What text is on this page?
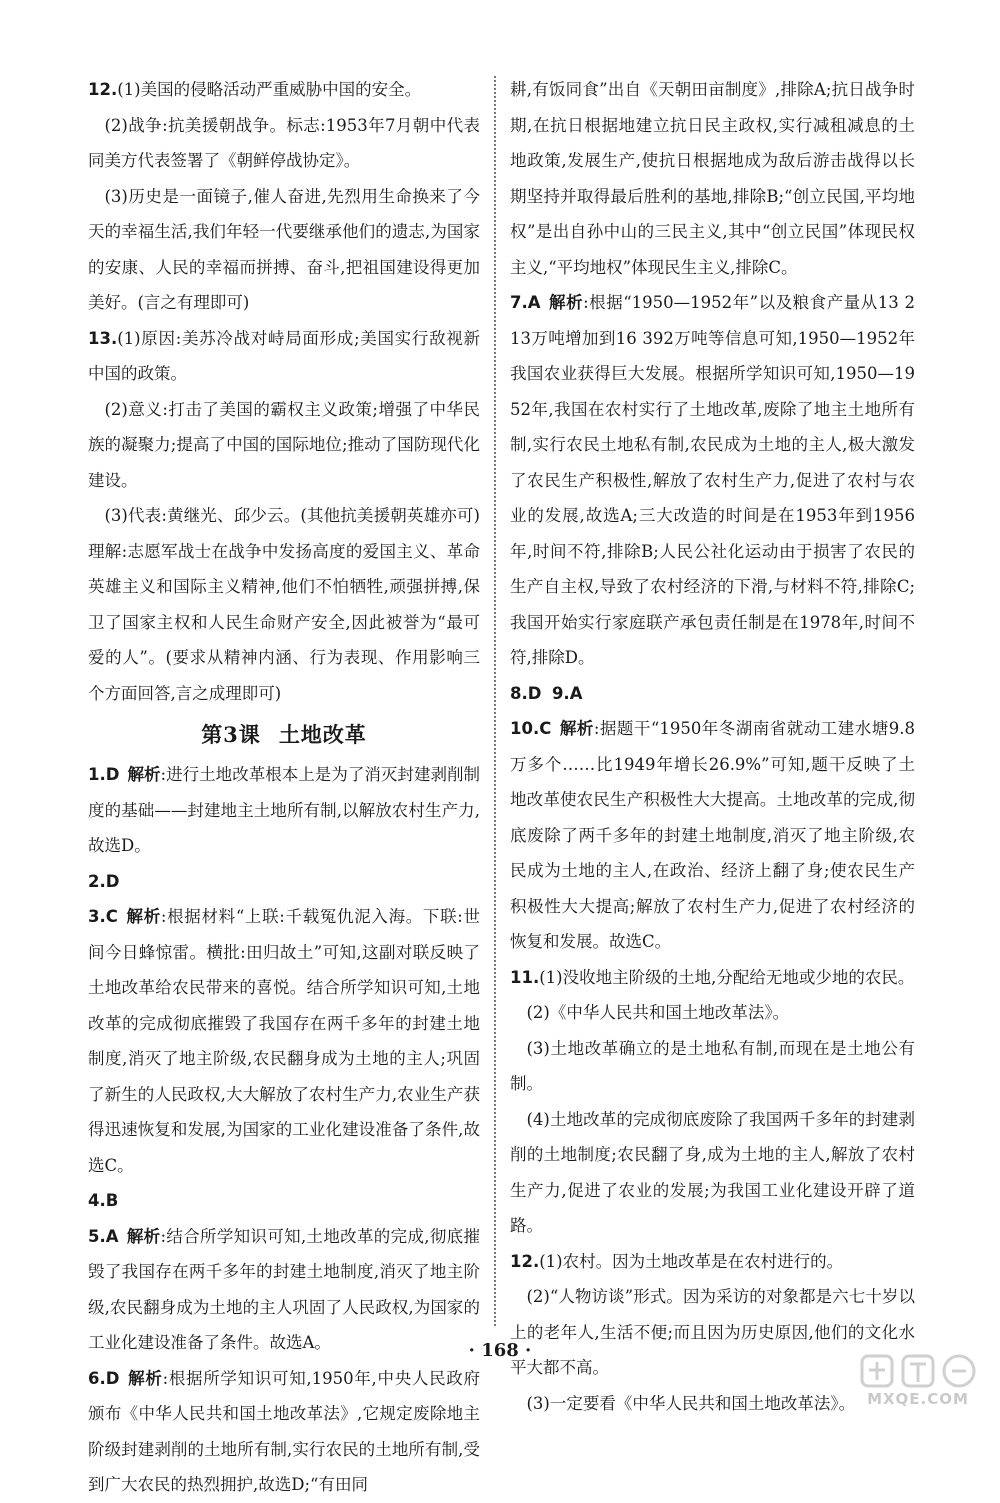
12.(1)美国的侵略活动严重威胁中国的安全。

(2)战争:抗美援朝战争。标志:1953年7月朝中代表同美方代表签署了《朝鲜停战协定》。

(3)历史是一面镜子,催人奋进,先烈用生命换来了今天的幸福生活,我们年轻一代要继承他们的遗志,为国家的安康、人民的幸福而拼搏、奋斗,把祖国建设得更加美好。(言之有理即可)

13.(1)原因:美苏冷战对峙局面形成;美国实行敌视新中国的政策。

(2)意义:打击了美国的霸权主义政策;增强了中华民族的凝聚力;提高了中国的国际地位;推动了国防现代化建设。

(3)代表:黄继光、邱少云。(其他抗美援朝英雄亦可)理解:志愿军战士在战争中发扬高度的爱国主义、革命英雄主义和国际主义精神,他们不怕牺牲,顽强拼搏,保卫了国家主权和人民生命财产安全,因此被誉为“最可爱的人”。(要求从精神内涵、行为表现、作用影响三个方面回答,言之成理即可)

第3课 土地改革

1.D 解析:进行土地改革根本上是为了消灭封建剥削制度的基础——封建地主土地所有制,以解放农村生产力,故选D。

2.D

3.C 解析:根据材料“上联:千载冤仇泥入海。下联:世间今日蜂惊雷。横批:田归故土”可知,这副对联反映了土地改革给农民带来的喜悦。结合所学知识可知,土地改革的完成彻底摧毁了我国存在两千多年的封建土地制度,消灭了地主阶级,农民翻身成为土地的主人;巩固了新生的人民政权,大大解放了农村生产力,农业生产获得迅速恢复和发展,为国家的工业化建设准备了条件,故选C。

4.B

5.A 解析:结合所学知识可知,土地改革的完成,彻底摧毁了我国存在两千多年的封建土地制度,消灭了地主阶级,农民翻身成为土地的主人巩固了人民政权,为国家的工业化建设准备了条件。故选A。

6.D 解析:根据所学知识可知,1950年,中央人民政府颁布《中华人民共和国土地改革法》,它规定废除地主阶级封建剥削的土地所有制,实行农民的土地所有制,受到广大农民的热烈拥护,故选D;“有田同

耕,有饭同食”出自《天朝田亩制度》,排除A;抗日战争时期,在抗日根据地建立抗日民主政权,实行减租减息的土地政策,发展生产,使抗日根据地成为敌后游击战得以长期坚持并取得最后胜利的基地,排除B;“创立民国,平均地权”是出自孙中山的三民主义,其中“创立民国”体现民权主义,“平均地权”体现民生主义,排除C。

7.A 解析:根据“1950—1952年”以及粮食产量从13 213万吨增加到16 392万吨等信息可知,1950—1952年我国农业获得巨大发展。根据所学知识可知,1950—1952年,我国在农村实行了土地改革,废除了地主土地所有制,实行农民土地私有制,农民成为土地的主人,极大激发了农民生产积极性,解放了农村生产力,促进了农村与农业的发展,故选A;三大改造的时间是在1953年到1956年,时间不符,排除B;人民公社化运动由于损害了农民的生产自主权,导致了农村经济的下滑,与材料不符,排除C;我国开始实行家庭联产承包责任制是在1978年,时间不符,排除D。

8.D 9.A

10.C 解析:据题干“1950年冬湖南省就动工建水塘9.8万多个……比1949年增长26.9%”可知,题干反映了土地改革使农民生产积极性大大提高。土地改革的完成,彻底废除了两千多年的封建土地制度,消灭了地主阶级,农民成为土地的主人,在政治、经济上翻了身;使农民生产积极性大大提高;解放了农村生产力,促进了农村经济的恢复和发展。故选C。

11.(1)没收地主阶级的土地,分配给无地或少地的农民。

(2)《中华人民共和国土地改革法》。

(3)土地改革确立的是土地私有制,而现在是土地公有制。

(4)土地改革的完成彻底废除了我国两千多年的封建剥削的土地制度;农民翻了身,成为土地的主人,解放了农村生产力,促进了农业的发展;为我国工业化建设开辟了道路。

12.(1)农村。因为土地改革是在农村进行的。

(2)“人物访谈”形式。因为采访的对象都是六七十岁以上的老年人,生活不便;而且因为历史原因,他们的文化水平大都不高。

(3)一定要看《中华人民共和国土地改革法》。

· 168 ·
MXQE.COM
